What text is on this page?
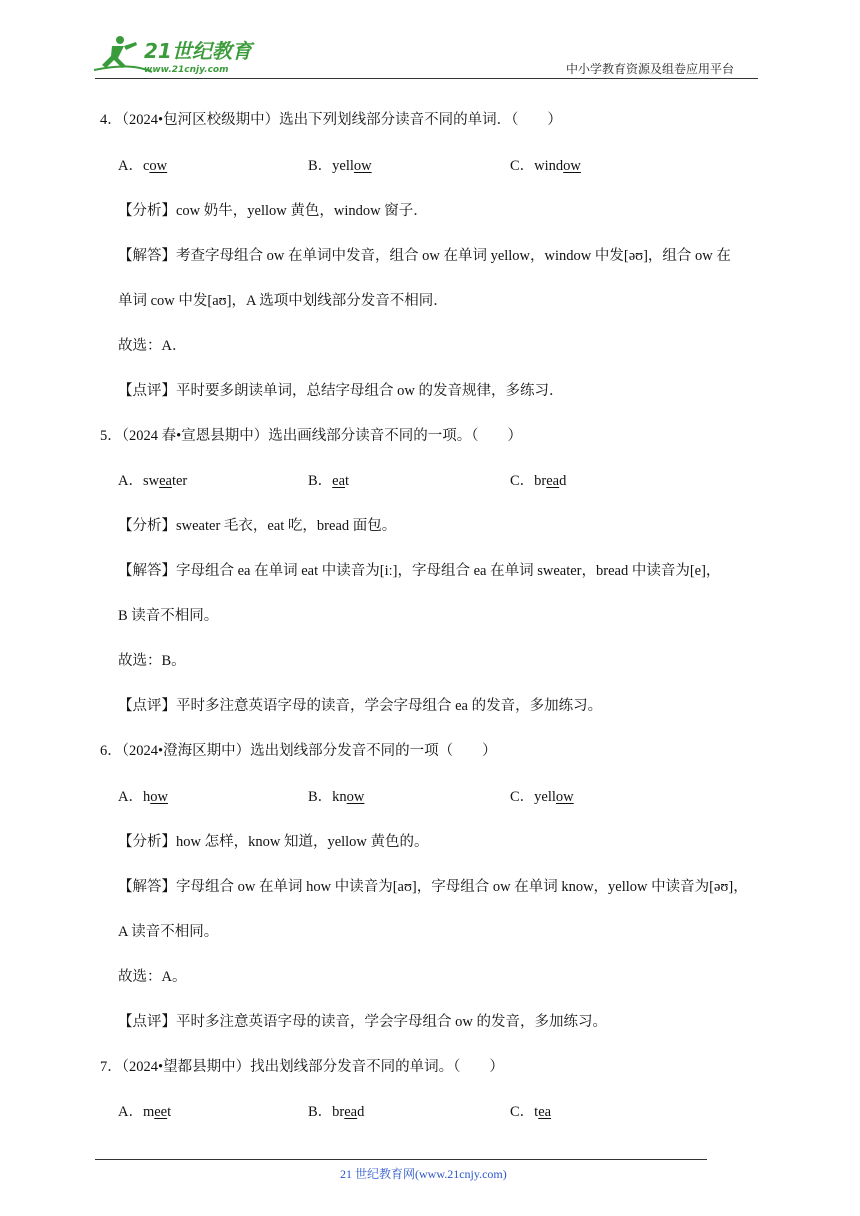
21世纪教育
www.21cnjy.com	中小学教育资源及组卷应用平台
4．（2024•包河区校级期中）选出下列划线部分读音不同的单词．（　　）
A．cow	B．yellow	C．window
【分析】cow 奶牛，yellow 黄色，window 窗子．
【解答】考查字母组合 ow 在单词中发音，组合 ow 在单词 yellow，window 中发[əʊ]，组合 ow 在
单词 cow 中发[aʊ]，A 选项中划线部分发音不相同．
故选：A．
【点评】平时要多朗读单词，总结字母组合 ow 的发音规律，多练习．
5．（2024 春•宣恩县期中）选出画线部分读音不同的一项。（　　）
A．sweater	B．eat	C．bread
【分析】sweater 毛衣，eat 吃，bread 面包。
【解答】字母组合 ea 在单词 eat 中读音为[iː]，字母组合 ea 在单词 sweater，bread 中读音为[e]，
B 读音不相同。
故选：B。
【点评】平时多注意英语字母的读音，学会字母组合 ea 的发音，多加练习。
6．（2024•澄海区期中）选出划线部分发音不同的一项（　　）
A．how	B．know	C．yellow
【分析】how 怎样，know 知道，yellow 黄色的。
【解答】字母组合 ow 在单词 how 中读音为[aʊ]，字母组合 ow 在单词 know，yellow 中读音为[əʊ]，
A 读音不相同。
故选：A。
【点评】平时多注意英语字母的读音，学会字母组合 ow 的发音，多加练习。
7．（2024•望都县期中）找出划线部分发音不同的单词。（　　）
A．meet	B．bread	C．tea
21 世纪教育网(www.21cnjy.com)
